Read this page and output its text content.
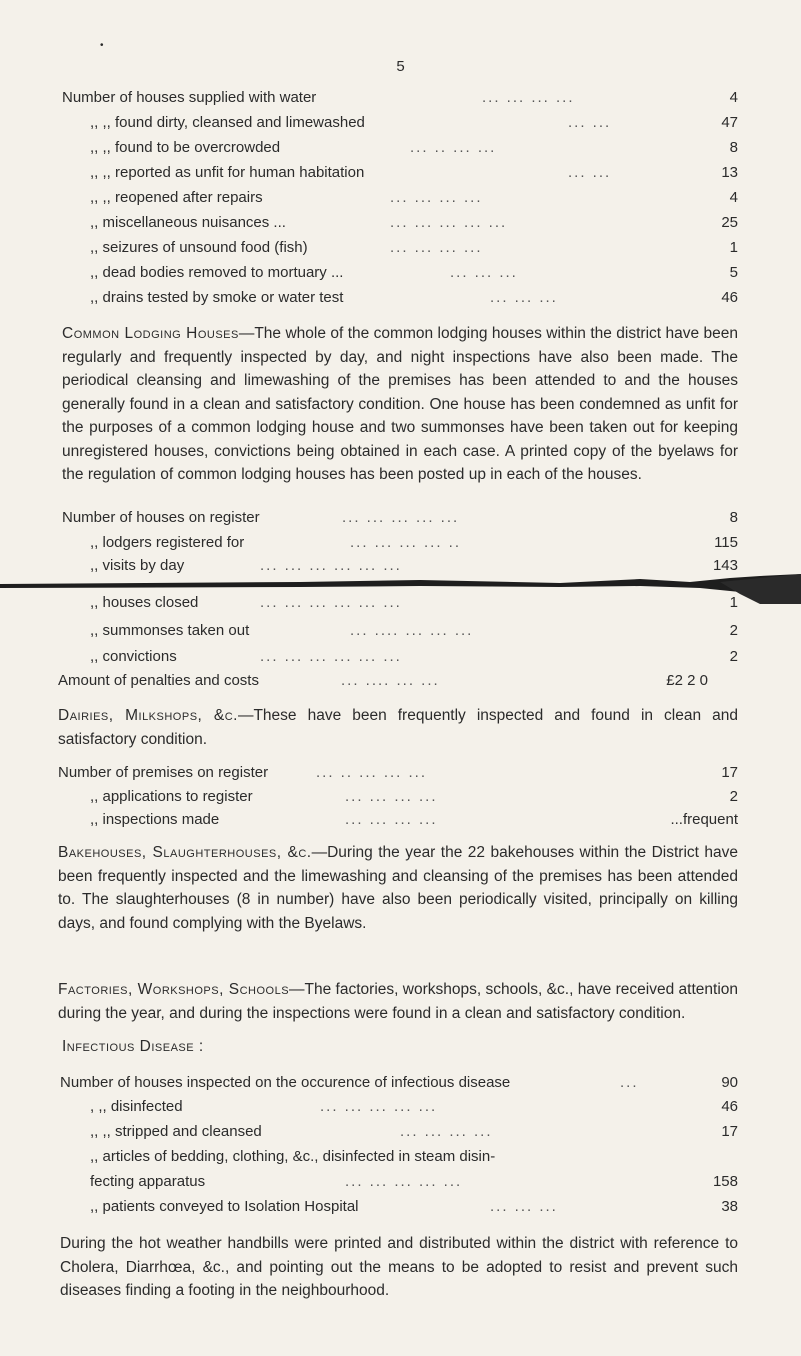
•
5
Number of houses supplied with water	... ... ... ...	4
,, ,, found dirty, cleansed and limewashed	... ...	47
,, ,, found to be overcrowded	... .. ... ...	8
,, ,, reported as unfit for human habitation	... ...	13
,, ,, reopened after repairs	... ... ... ...	4
,, miscellaneous nuisances ...	... ... ... ... ...	25
,, seizures of unsound food (fish)	... ... ... ...	1
,, dead bodies removed to mortuary ...	... ... ...	5
,, drains tested by smoke or water test	... ... ...	46
Common Lodging Houses—The whole of the common lodging houses within the district have been regularly and frequently inspected by day, and night inspections have also been made. The periodical cleansing and limewashing of the premises has been attended to and the houses generally found in a clean and satisfactory condition. One house has been condemned as unfit for the purposes of a common lodging house and two summonses have been taken out for keeping unregistered houses, convictions being obtained in each case. A printed copy of the byelaws for the regulation of common lodging houses has been posted up in each of the houses.
Number of houses on register	... ... ... ... ...	8
,, lodgers registered for	... ... ... ... ..	115
,, visits by day	... ... ... ... ... ...	143
,, houses closed	... ... ... ... ... ...	1
,, summonses taken out	... .... ... ... ...	2
,, convictions	... ... ... ... ... ...	2
Amount of penalties and costs	... .... ... ...	£2 2 0
Dairies, Milkshops, &c.—These have been frequently inspected and found in clean and satisfactory condition.
Number of premises on register	... .. ... ... ...	17
,, applications to register	... ... ... ...	2
,, inspections made	... ... ... ...	...frequent
Bakehouses, Slaughterhouses, &c.—During the year the 22 bakehouses within the District have been frequently inspected and the limewashing and cleansing of the premises has been attended to. The slaughterhouses (8 in number) have also been periodically visited, principally on killing days, and found complying with the Byelaws.
Factories, Workshops, Schools—The factories, workshops, schools, &c., have received attention during the year, and during the inspections were found in a clean and satisfactory condition.
Infectious Disease :
Number of houses inspected on the occurence of infectious disease	...	90
, ,, disinfected	... ... ... ... ...	46
,, ,, stripped and cleansed	... ... ... ...	17
,, articles of bedding, clothing, &c., disinfected in steam disin-
fecting apparatus	... ... ... ... ...	158
,, patients conveyed to Isolation Hospital	... ... ...	38
During the hot weather handbills were printed and distributed within the district with reference to Cholera, Diarrhœa, &c., and pointing out the means to be adopted to resist and prevent such diseases finding a footing in the neighbourhood.
